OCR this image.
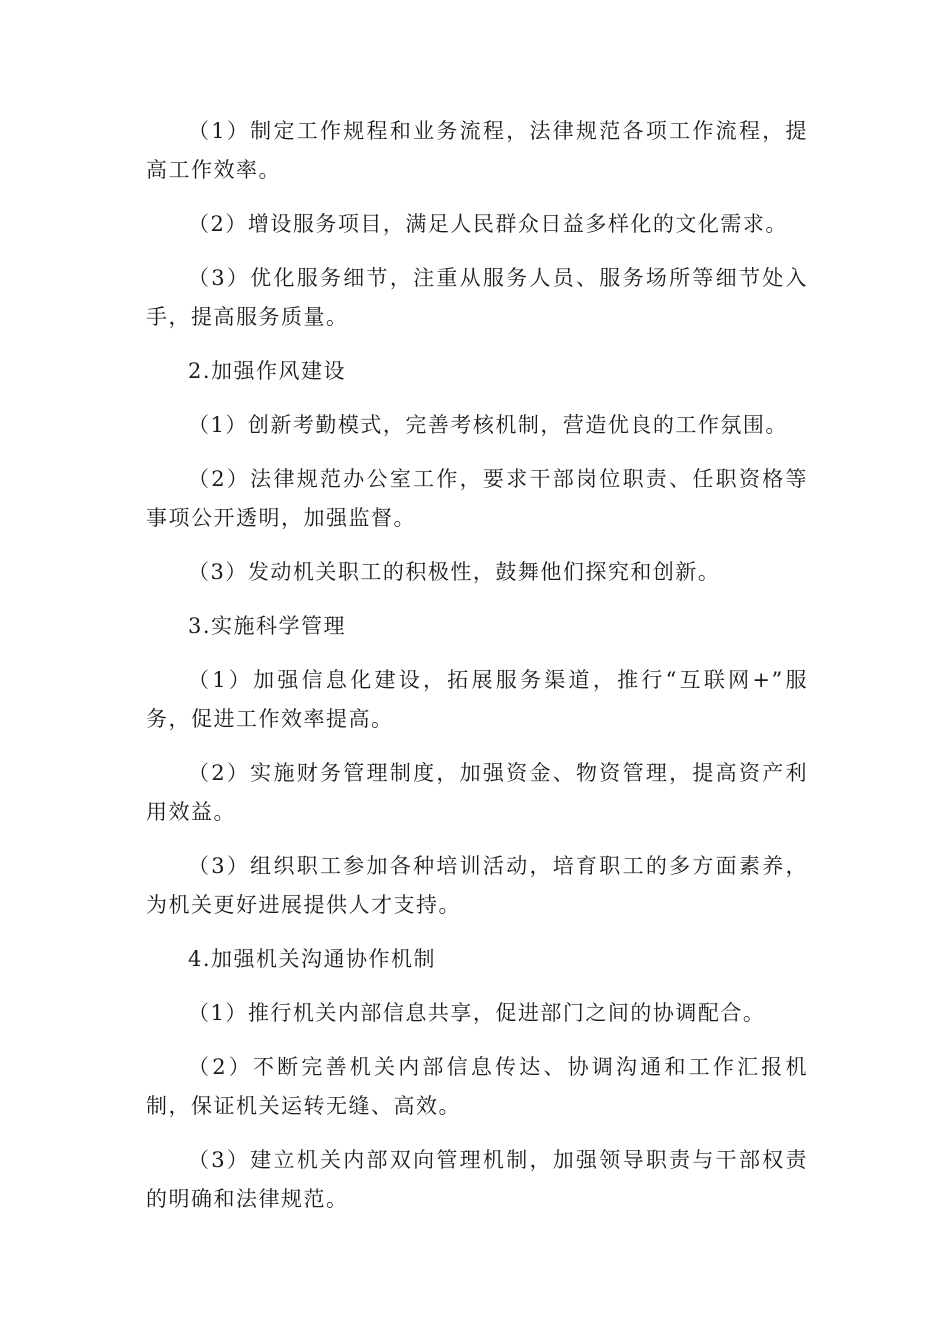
（1）制定工作规程和业务流程，法律规范各项工作流程，提高工作效率。

（2）增设服务项目，满足人民群众日益多样化的文化需求。

（3）优化服务细节，注重从服务人员、服务场所等细节处入手，提高服务质量。

2.加强作风建设

（1）创新考勤模式，完善考核机制，营造优良的工作氛围。

（2）法律规范办公室工作，要求干部岗位职责、任职资格等事项公开透明，加强监督。

（3）发动机关职工的积极性，鼓舞他们探究和创新。

3.实施科学管理

（1）加强信息化建设，拓展服务渠道，推行“互联网+”服务，促进工作效率提高。

（2）实施财务管理制度，加强资金、物资管理，提高资产利用效益。

（3）组织职工参加各种培训活动，培育职工的多方面素养，为机关更好进展提供人才支持。

4.加强机关沟通协作机制

（1）推行机关内部信息共享，促进部门之间的协调配合。

（2）不断完善机关内部信息传达、协调沟通和工作汇报机制，保证机关运转无缝、高效。

（3）建立机关内部双向管理机制，加强领导职责与干部权责的明确和法律规范。
